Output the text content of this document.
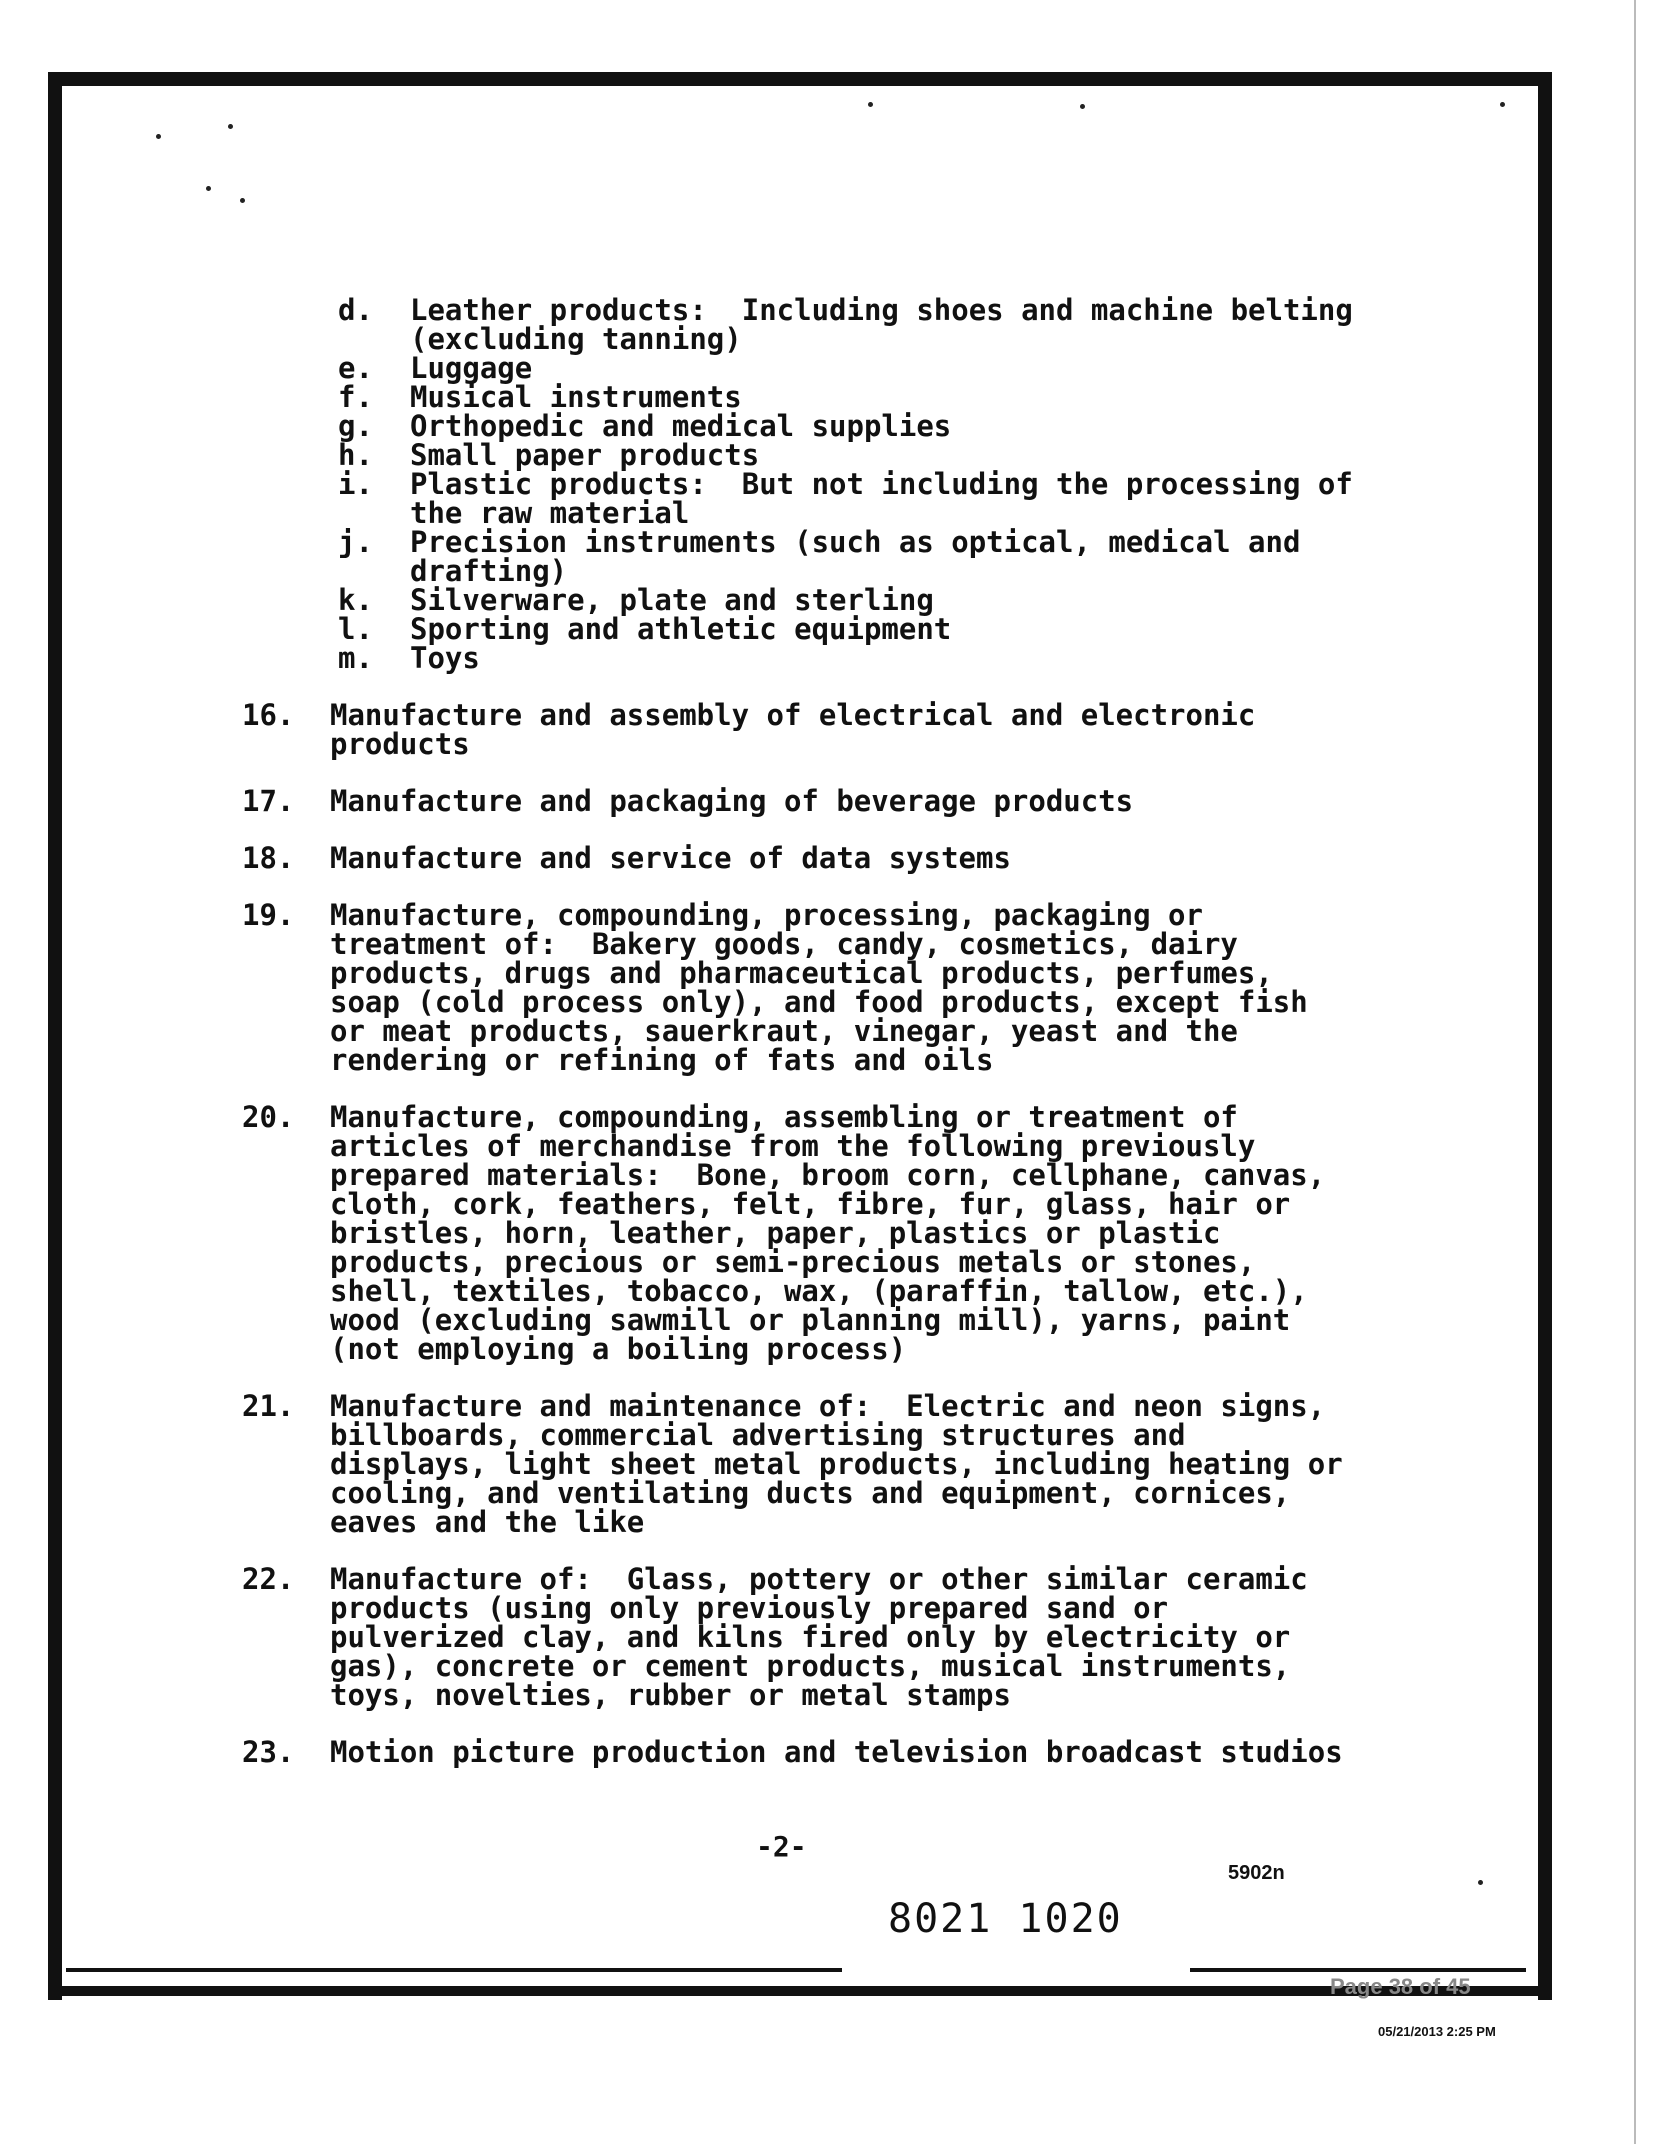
d.	Leather products:  Including shoes and machine belting
(excluding tanning)
e.	Luggage
f.	Musical instruments
g.	Orthopedic and medical supplies
h.	Small paper products
i.	Plastic products:  But not including the processing of
the raw material
j.	Precision instruments (such as optical, medical and
drafting)
k.	Silverware, plate and sterling
l.	Sporting and athletic equipment
m.	Toys
16.	Manufacture and assembly of electrical and electronic
products
17.	Manufacture and packaging of beverage products
18.	Manufacture and service of data systems
19.	Manufacture, compounding, processing, packaging or
treatment of:  Bakery goods, candy, cosmetics, dairy
products, drugs and pharmaceutical products, perfumes,
soap (cold process only), and food products, except fish
or meat products, sauerkraut, vinegar, yeast and the
rendering or refining of fats and oils
20.	Manufacture, compounding, assembling or treatment of
articles of merchandise from the following previously
prepared materials:  Bone, broom corn, cellphane, canvas,
cloth, cork, feathers, felt, fibre, fur, glass, hair or
bristles, horn, leather, paper, plastics or plastic
products, precious or semi-precious metals or stones,
shell, textiles, tobacco, wax, (paraffin, tallow, etc.),
wood (excluding sawmill or planning mill), yarns, paint
(not employing a boiling process)
21.	Manufacture and maintenance of:  Electric and neon signs,
billboards, commercial advertising structures and
displays, light sheet metal products, including heating or
cooling, and ventilating ducts and equipment, cornices,
eaves and the like
22.	Manufacture of:  Glass, pottery or other similar ceramic
products (using only previously prepared sand or
pulverized clay, and kilns fired only by electricity or
gas), concrete or cement products, musical instruments,
toys, novelties, rubber or metal stamps
23.	Motion picture production and television broadcast studios
-2-
5902n
8021 1020
Page 38 of 45
05/21/2013 2:25 PM
